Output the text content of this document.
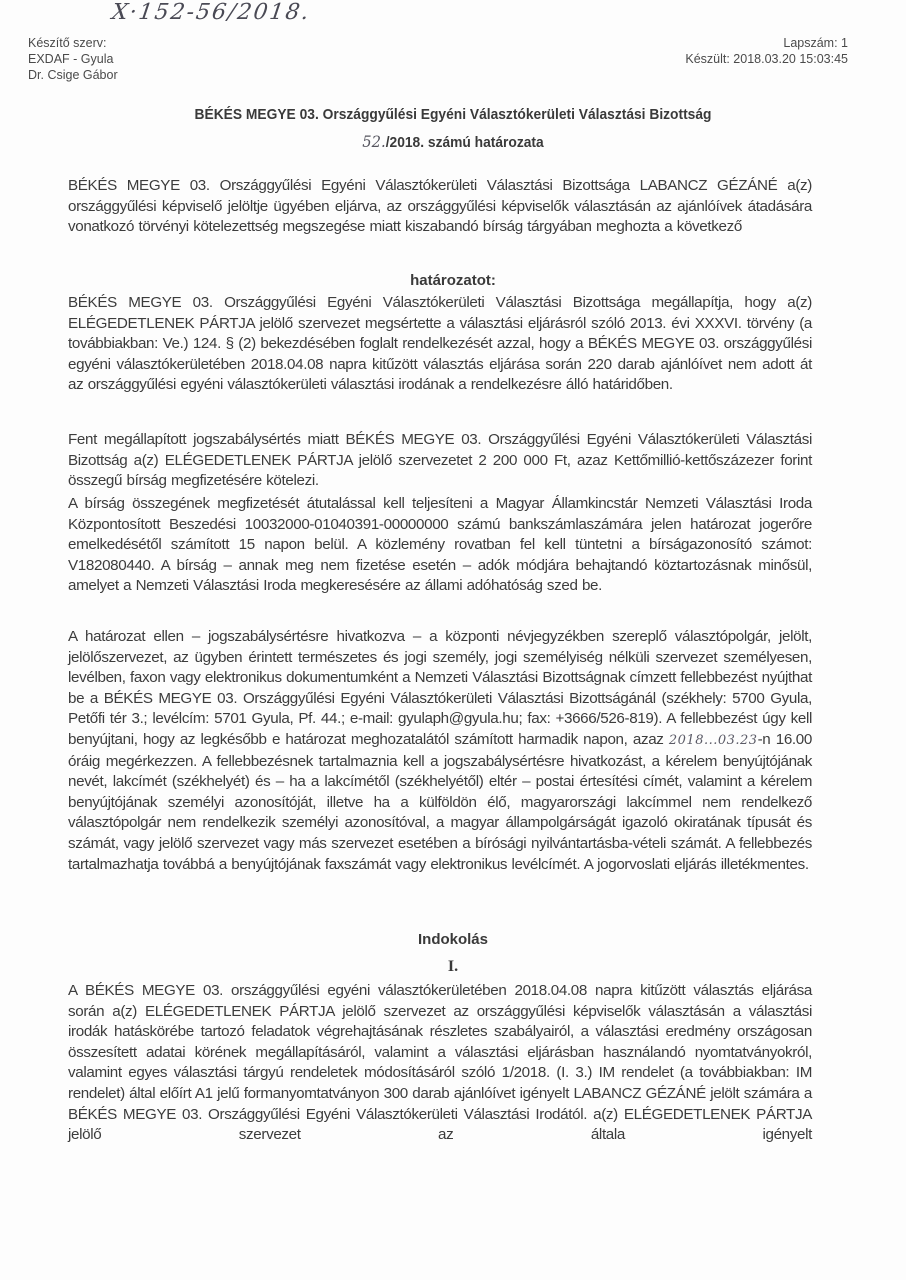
X·152-56/2018.
Készítő szerv:
EXDAF - Gyula
Dr. Csige Gábor
Lapszám: 1
Készült: 2018.03.20 15:03:45
BÉKÉS MEGYE 03. Országgyűlési Egyéni Választókerületi Választási Bizottság
52./2018. számú határozata

BÉKÉS MEGYE 03. Országgyűlési Egyéni Választókerületi Választási Bizottsága LABANCZ GÉZÁNÉ a(z) országgyűlési képviselő jelöltje ügyében eljárva, az országgyűlési képviselők választásán az ajánlóívek átadására vonatkozó törvényi kötelezettség megszegése miatt kiszabandó bírság tárgyában meghozta a következő

határozatot:

BÉKÉS MEGYE 03. Országgyűlési Egyéni Választókerületi Választási Bizottsága megállapítja, hogy a(z) ELÉGEDETLENEK PÁRTJA jelölő szervezet megsértette a választási eljárásról szóló 2013. évi XXXVI. törvény (a továbbiakban: Ve.) 124. § (2) bekezdésében foglalt rendelkezését azzal, hogy a BÉKÉS MEGYE 03. országgyűlési egyéni választókerületében 2018.04.08 napra kitűzött választás eljárása során 220 darab ajánlóívet nem adott át az országgyűlési egyéni választókerületi választási irodának a rendelkezésre álló határidőben.

Fent megállapított jogszabálysértés miatt BÉKÉS MEGYE 03. Országgyűlési Egyéni Választókerületi Választási Bizottság a(z) ELÉGEDETLENEK PÁRTJA jelölő szervezetet 2 200 000 Ft, azaz Kettőmillió-kettőszázezer forint összegű bírság megfizetésére kötelezi.

A bírság összegének megfizetését átutalással kell teljesíteni a Magyar Államkincstár Nemzeti Választási Iroda Központosított Beszedési 10032000-01040391-00000000 számú bankszámlaszámára jelen határozat jogerőre emelkedésétől számított 15 napon belül. A közlemény rovatban fel kell tüntetni a bírságazonosító számot: V182080440. A bírság – annak meg nem fizetése esetén – adók módjára behajtandó köztartozásnak minősül, amelyet a Nemzeti Választási Iroda megkeresésére az állami adóhatóság szed be.

A határozat ellen – jogszabálysértésre hivatkozva – a központi névjegyzékben szereplő választópolgár, jelölt, jelölőszervezet, az ügyben érintett természetes és jogi személy, jogi személyiség nélküli szervezet személyesen, levélben, faxon vagy elektronikus dokumentumként a Nemzeti Választási Bizottságnak címzett fellebbezést nyújthat be a BÉKÉS MEGYE 03. Országgyűlési Egyéni Választókerületi Választási Bizottságánál (székhely: 5700 Gyula, Petőfi tér 3.; levélcím: 5701 Gyula, Pf. 44.; e-mail: gyulaph@gyula.hu; fax: +3666/526-819). A fellebbezést úgy kell benyújtani, hogy az legkésőbb e határozat meghozatalától számított harmadik napon, azaz 2018...03.23-n 16.00 óráig megérkezzen. A fellebbezésnek tartalmaznia kell a jogszabálysértésre hivatkozást, a kérelem benyújtójának nevét, lakcímét (székhelyét) és – ha a lakcímétől (székhelyétől) eltér – postai értesítési címét, valamint a kérelem benyújtójának személyi azonosítóját, illetve ha a külföldön élő, magyarországi lakcímmel nem rendelkező választópolgár nem rendelkezik személyi azonosítóval, a magyar állampolgárságát igazoló okiratának típusát és számát, vagy jelölő szervezet vagy más szervezet esetében a bírósági nyilvántartásba-vételi számát. A fellebbezés tartalmazhatja továbbá a benyújtójának faxszámát vagy elektronikus levélcímét. A jogorvoslati eljárás illetékmentes.

Indokolás
I.

A BÉKÉS MEGYE 03. országgyűlési egyéni választókerületében 2018.04.08 napra kitűzött választás eljárása során a(z) ELÉGEDETLENEK PÁRTJA jelölő szervezet az országgyűlési képviselők választásán a választási irodák hatáskörébe tartozó feladatok végrehajtásának részletes szabályairól, a választási eredmény országosan összesített adatai körének megállapításáról, valamint a választási eljárásban használandó nyomtatványokról, valamint egyes választási tárgyú rendeletek módosításáról szóló 1/2018. (I. 3.) IM rendelet (a továbbiakban: IM rendelet) által előírt A1 jelű formanyomtatványon 300 darab ajánlóívet igényelt LABANCZ GÉZÁNÉ jelölt számára a BÉKÉS MEGYE 03. Országgyűlési Egyéni Választókerületi Választási Irodától. a(z) ELÉGEDETLENEK PÁRTJA jelölő szervezet az általa igényelt
